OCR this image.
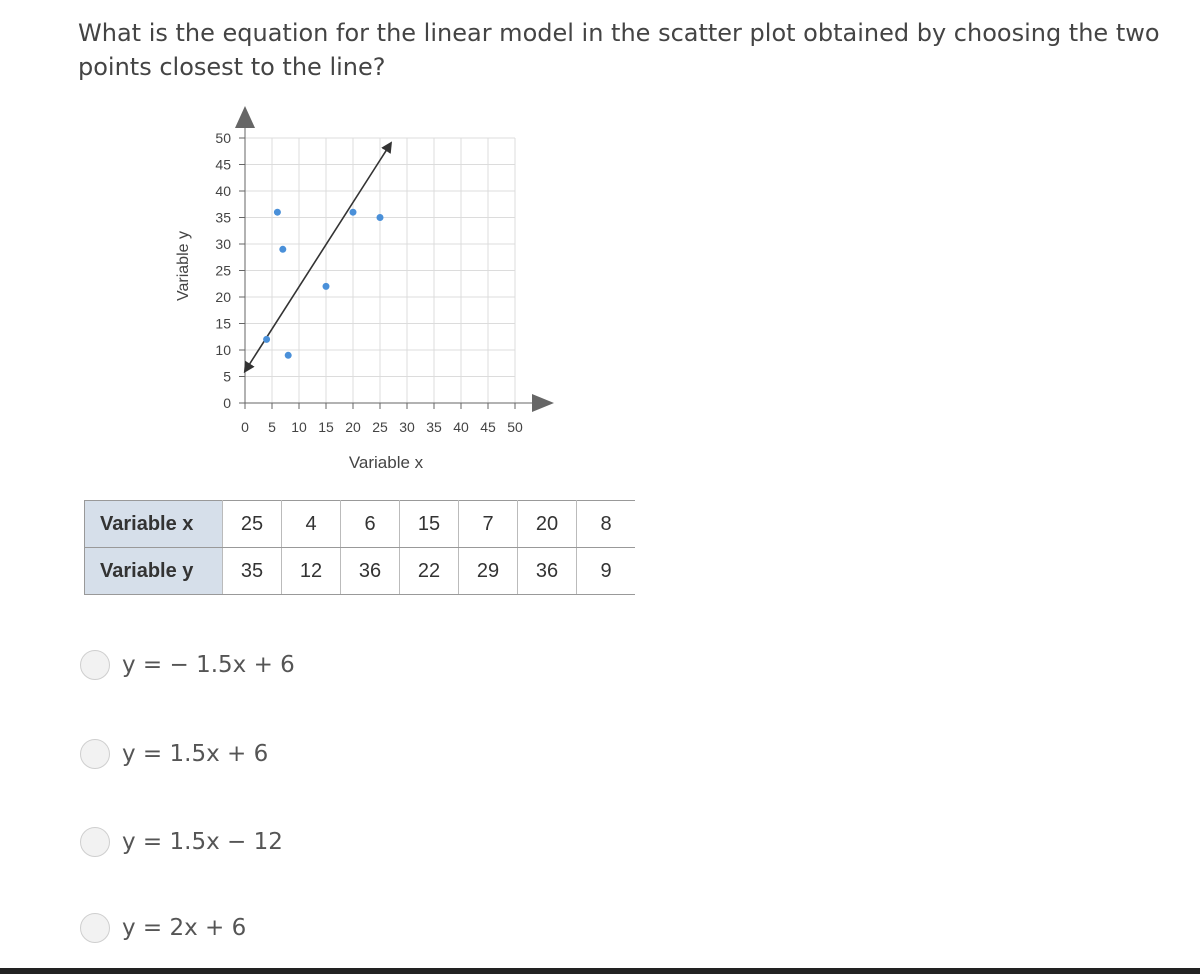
What is the equation for the linear model in the scatter plot obtained by choosing the two points closest to the line?

0
5
10
15
20
25
30
35
40
45
50
0 5 10 15 20 25 30 35 40 45 50
Variable x
Variable y
Variable x	25	4	6	15	7	20	8
Variable y	35	12	36	22	29	36	9
y = − 1.5x + 6
y = 1.5x + 6
y = 1.5x − 12
y = 2x + 6
